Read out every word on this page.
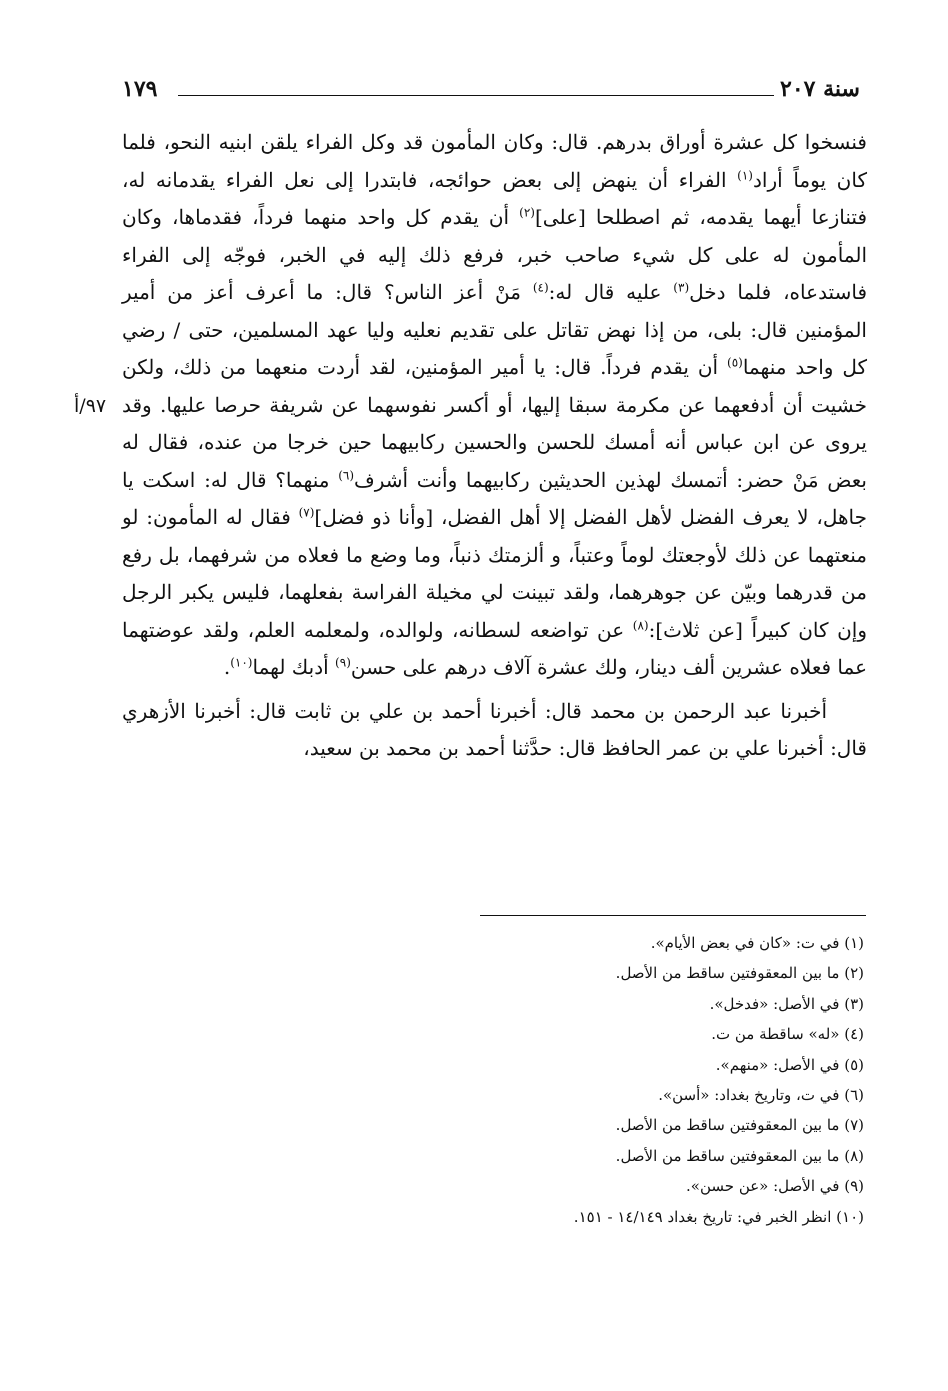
سنة ٢٠٧
١٧٩
٩٧/أ

فنسخوا كل عشرة أوراق بدرهم. قال: وكان المأمون قد وكل الفراء يلقن ابنيه النحو، فلما كان يوماً أراد$^{(١)}$ الفراء أن ينهض إلى بعض حوائجه، فابتدرا إلى نعل الفراء يقدمانه له، فتنازعا أيهما يقدمه، ثم اصطلحا [على]$^{(٢)}$ أن يقدم كل واحد منهما فرداً، فقدماها، وكان المأمون له على كل شيء صاحب خبر، فرفع ذلك إليه في الخبر، فوجّه إلى الفراء فاستدعاه، فلما دخل$^{(٣)}$ عليه قال له:$^{(٤)}$ مَنْ أعز الناس؟ قال: ما أعرف أعز من أمير المؤمنين قال: بلى، من إذا نهض تقاتل على تقديم نعليه وليا عهد المسلمين، حتى / رضي كل واحد منهما$^{(٥)}$ أن يقدم فرداً. قال: يا أمير المؤمنين، لقد أردت منعهما من ذلك، ولكن خشيت أن أدفعهما عن مكرمة سبقا إليها، أو أكسر نفوسهما عن شريفة حرصا عليها. وقد يروى عن ابن عباس أنه أمسك للحسن والحسين ركابيهما حين خرجا من عنده، فقال له بعض مَنْ حضر: أتمسك لهذين الحديثين ركابيهما وأنت أشرف$^{(٦)}$ منهما؟ قال له: اسكت يا جاهل، لا يعرف الفضل لأهل الفضل إلا أهل الفضل، [وأنا ذو فضل]$^{(٧)}$ فقال له المأمون: لو منعتهما عن ذلك لأوجعتك لوماً وعتباً، و ألزمتك ذنباً، وما وضع ما فعلاه من شرفهما، بل رفع من قدرهما وبيّن عن جوهرهما، ولقد تبينت لي مخيلة الفراسة بفعلهما، فليس يكبر الرجل وإن كان كبيراً [عن ثلاث]:$^{(٨)}$ عن تواضعه لسطانه، ولوالده، ولمعلمه العلم، ولقد عوضتهما عما فعلاه عشرين ألف دينار، ولك عشرة آلاف درهم على حسن$^{(٩)}$ أدبك لهما$^{(١٠)}$.

أخبرنا عبد الرحمن بن محمد قال: أخبرنا أحمد بن علي بن ثابت قال: أخبرنا الأزهري قال: أخبرنا علي بن عمر الحافظ قال: حدَّثنا أحمد بن محمد بن سعيد،

(١) في ت: «كان في بعض الأيام».
(٢) ما بين المعقوفتين ساقط من الأصل.
(٣) في الأصل: «فدخل».
(٤) «له» ساقطة من ت.
(٥) في الأصل: «منهم».
(٦) في ت، وتاريخ بغداد: «أسن».
(٧) ما بين المعقوفتين ساقط من الأصل.
(٨) ما بين المعقوفتين ساقط من الأصل.
(٩) في الأصل: «عن حسن».
(١٠) انظر الخبر في: تاريخ بغداد ١٤/١٤٩ - ١٥١.
